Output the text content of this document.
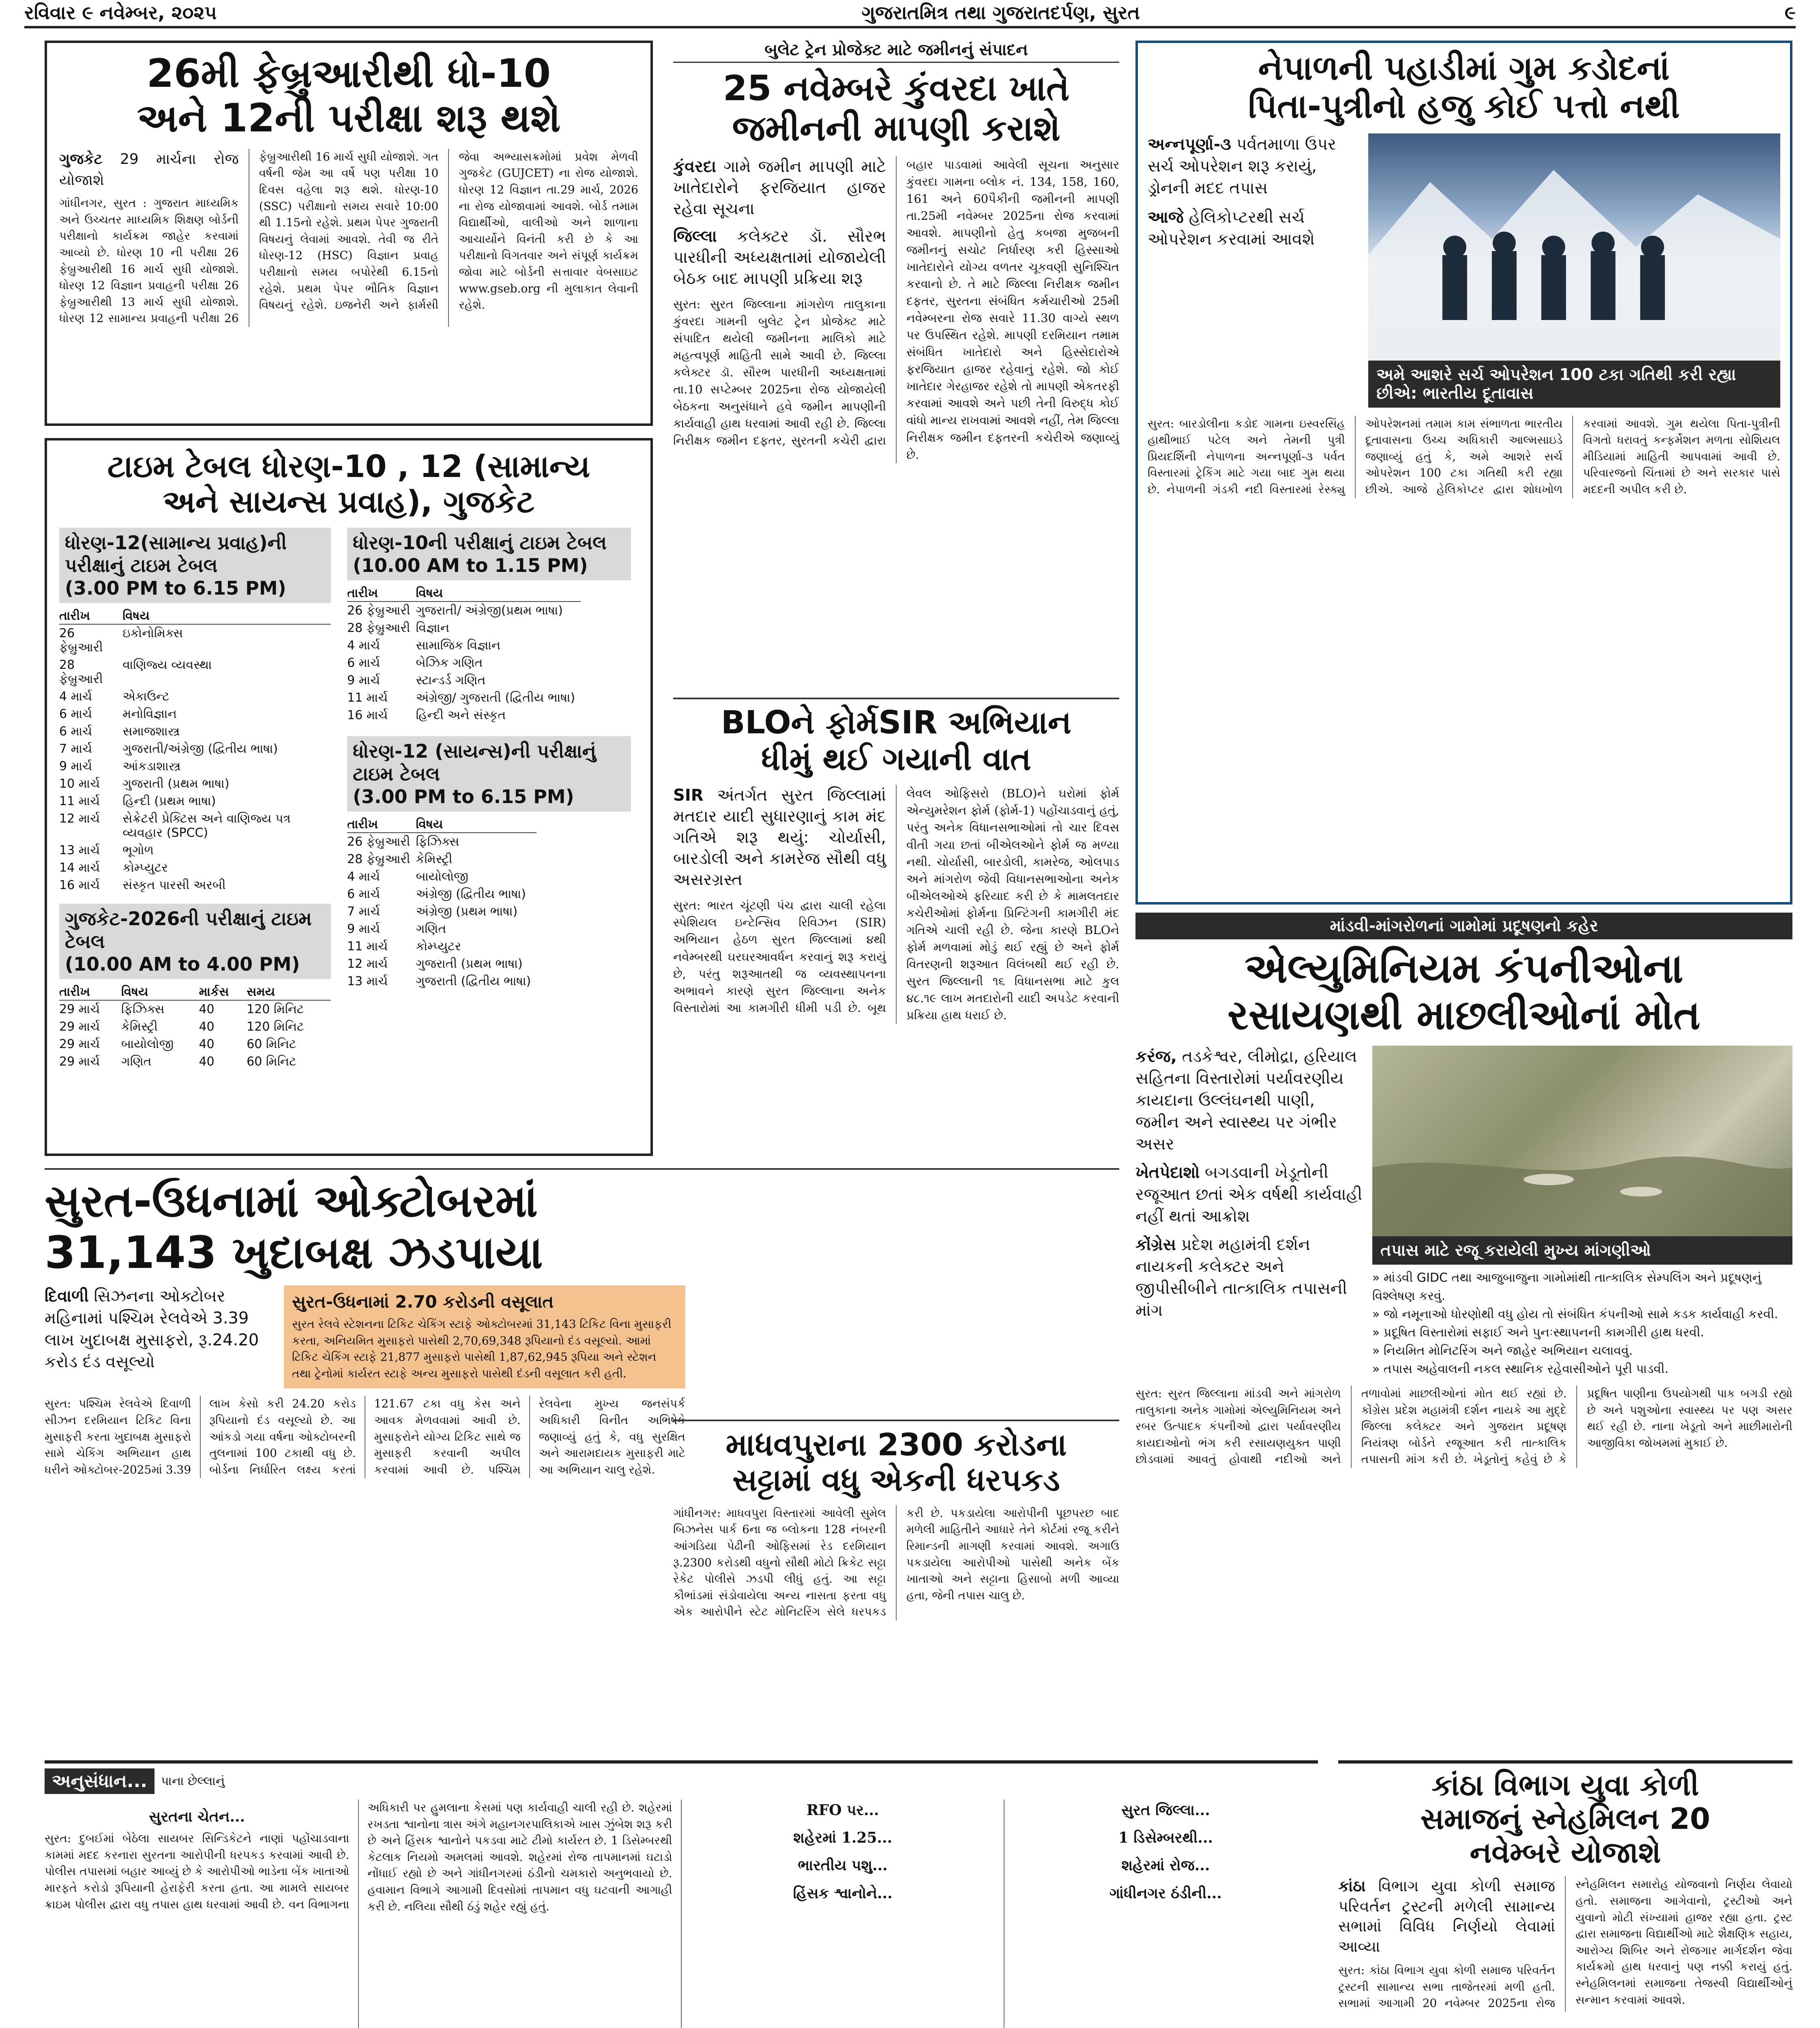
રવિવાર ૯ નવેમ્બર, ૨૦૨૫	ગુજરાતમિત્ર તથા ગુજરાતદર્પણ, સુરત	૯
26મી ફેબ્રુઆરીથી ધો-10
અને 12ની પરીક્ષા શરૂ થશે

ગુજકેટ 29 માર્ચના રોજ યોજાશે

ગાંધીનગર, સુરત : ગુજરાત માધ્યમિક અને ઉચ્ચતર માધ્યમિક શિક્ષણ બોર્ડની પરીક્ષાનો કાર્યક્રમ જાહેર કરવામાં આવ્યો છે. ધોરણ 10 ની પરીક્ષા 26 ફેબ્રુઆરીથી 16 માર્ચ સુધી યોજાશે. ધોરણ 12 વિજ્ઞાન પ્રવાહની પરીક્ષા 26 ફેબ્રુઆરીથી 13 માર્ચ સુધી યોજાશે. ધોરણ 12 સામાન્ય પ્રવાહની પરીક્ષા 26 ફેબ્રુઆરીથી 16 માર્ચ સુધી યોજાશે. ગત વર્ષની જેમ આ વર્ષે પણ પરીક્ષા 10 દિવસ વહેલા શરૂ થશે. ધોરણ-10 (SSC) પરીક્ષાનો સમય સવારે 10:00 થી 1.15નો રહેશે. પ્રથમ પેપર ગુજરાતી વિષયનું લેવામાં આવશે. તેવી જ રીતે ધોરણ-12 (HSC) વિજ્ઞાન પ્રવાહ પરીક્ષાનો સમય બપોરેથી 6.15નો રહેશે. પ્રથમ પેપર ભૌતિક વિજ્ઞાન વિષયનું રહેશે. ઇજનેરી અને ફાર્મસી જેવા અભ્યાસક્રમોમાં પ્રવેશ મેળવી ગુજકેટ (GUJCET) ના રોજ યોજાશે. ધોરણ 12 વિજ્ઞાન તા.29 માર્ચ, 2026 ના રોજ યોજાવામાં આવશે. બોર્ડ તમામ વિદ્યાર્થીઓ, વાલીઓ અને શાળાના આચાર્યોને વિનંતી કરી છે કે આ પરીક્ષાનો વિગતવાર અને સંપૂર્ણ કાર્યક્રમ જોવા માટે બોર્ડની સત્તાવાર વેબસાઇટ www.gseb.org ની મુલાકાત લેવાની રહેશે.

ટાઇમ ટેબલ ધોરણ-10 , 12 (સામાન્ય
અને સાયન્સ પ્રવાહ), ગુજકેટ
ધોરણ-12(સામાન્ય પ્રવાહ)ની પરીક્ષાનું ટાઇમ ટેબલ
(3.00 PM to 6.15 PM)
તારીખ	વિષય
26 ફેબ્રુઆરી	ઇકોનોમિક્સ
28 ફેબ્રુઆરી	વાણિજ્ય વ્યવસ્થા
4 માર્ચ	એકાઉન્ટ
6 માર્ચ	મનોવિજ્ઞાન
6 માર્ચ	સમાજશાસ્ત્ર
7 માર્ચ	ગુજરાતી/અંગ્રેજી (દ્વિતીય ભાષા)
9 માર્ચ	આંકડાશાસ્ત્ર
10 માર્ચ	ગુજરાતી (પ્રથમ ભાષા)
11 માર્ચ	હિન્દી (પ્રથમ ભાષા)
12 માર્ચ	સેક્રેટરી પ્રેક્ટિસ અને વાણિજ્ય પત્ર વ્યવહાર (SPCC)
13 માર્ચ	ભૂગોળ
14 માર્ચ	કોમ્પ્યુટર
16 માર્ચ	સંસ્કૃત પારસી અરબી
ગુજકેટ-2026ની પરીક્ષાનું ટાઇમ ટેબલ
(10.00 AM to 4.00 PM)
તારીખ	વિષય	માર્કસ	સમય
29 માર્ચ	ફિઝિક્સ	40	120 મિનિટ
29 માર્ચ	કેમિસ્ટ્રી	40	120 મિનિટ
29 માર્ચ	બાયોલોજી	40	60 મિનિટ
29 માર્ચ	ગણિત	40	60 મિનિટ
ધોરણ-10ની પરીક્ષાનું ટાઇમ ટેબલ
(10.00 AM to 1.15 PM)
તારીખ	વિષય
26 ફેબ્રુઆરી	ગુજરાતી/ અંગ્રેજી(પ્રથમ ભાષા)
28 ફેબ્રુઆરી	વિજ્ઞાન
4 માર્ચ	સામાજિક વિજ્ઞાન
6 માર્ચ	બેઝિક ગણિત
9 માર્ચ	સ્ટાન્ડર્ડ ગણિત
11 માર્ચ	અંગ્રેજી/ ગુજરાતી (દ્વિતીય ભાષા)
16 માર્ચ	હિન્દી અને સંસ્કૃત
ધોરણ-12 (સાયન્સ)ની પરીક્ષાનું ટાઇમ ટેબલ
(3.00 PM to 6.15 PM)
તારીખ	વિષય
26 ફેબ્રુઆરી	ફિઝિક્સ
28 ફેબ્રુઆરી	કેમિસ્ટ્રી
4 માર્ચ	બાયોલોજી
6 માર્ચ	અંગ્રેજી (દ્વિતીય ભાષા)
7 માર્ચ	અંગ્રેજી (પ્રથમ ભાષા)
9 માર્ચ	ગણિત
11 માર્ચ	કોમ્પ્યુટર
12 માર્ચ	ગુજરાતી (પ્રથમ ભાષા)
13 માર્ચ	ગુજરાતી (દ્વિતીય ભાષા)
બુલેટ ટ્રેન પ્રોજેક્ટ માટે જમીનનું સંપાદન
25 નવેમ્બરે કુંવરદા ખાતે
જમીનની માપણી કરાશે

કુંવરદા ગામે જમીન માપણી માટે ખાતેદારોને ફરજિયાત હાજર રહેવા સૂચના

જિલ્લા કલેક્ટર ડૉ. સૌરભ પારધીની અધ્યક્ષતામાં યોજાયેલી બેઠક બાદ માપણી પ્રક્રિયા શરૂ

સુરત: સુરત જિલ્લાના માંગરોળ તાલુકાના કુંવરદા ગામની બુલેટ ટ્રેન પ્રોજેક્ટ માટે સંપાદિત થયેલી જમીનના માલિકો માટે મહત્વપૂર્ણ માહિતી સામે આવી છે. જિલ્લા કલેક્ટર ડૉ. સૌરભ પારધીની અધ્યક્ષતામાં તા.10 સપ્ટેમ્બર 2025ના રોજ યોજાયેલી બેઠકના અનુસંધાને હવે જમીન માપણીની કાર્યવાહી હાથ ધરવામાં આવી રહી છે. જિલ્લા નિરીક્ષક જમીન દફતર, સુરતની કચેરી દ્વારા બહાર પાડવામાં આવેલી સૂચના અનુસાર કુંવરદા ગામના બ્લોક નં. 134, 158, 160, 161 અને 60પૈકીની જમીનની માપણી તા.25મી નવેમ્બર 2025ના રોજ કરવામાં આવશે. માપણીનો હેતુ કબજા મુજબની જમીનનું સચોટ નિર્ધારણ કરી હિસ્સાઓ ખાતેદારોને યોગ્ય વળતર ચૂકવણી સુનિશ્ચિત કરવાનો છે. તે માટે જિલ્લા નિરીક્ષક જમીન દફતર, સુરતના સંબંધિત કર્મચારીઓ 25મી નવેમ્બરના રોજ સવારે 11.30 વાગ્યે સ્થળ પર ઉપસ્થિત રહેશે. માપણી દરમિયાન તમામ સંબંધિત ખાતેદારો અને હિસ્સેદારોએ ફરજિયાત હાજર રહેવાનું રહેશે. જો કોઈ ખાતેદાર ગેરહાજર રહેશે તો માપણી એકતરફી કરવામાં આવશે અને પછી તેની વિરુદ્ધ કોઈ વાંધો માન્ય રાખવામાં આવશે નહીં, તેમ જિલ્લા નિરીક્ષક જમીન દફતરની કચેરીએ જણાવ્યું છે.

BLOને ફોર્મSIR અભિયાન
ધીમું થઈ ગયાની વાત

SIR અંતર્ગત સુરત જિલ્લામાં મતદાર યાદી સુધારણાનું કામ મંદ ગતિએ શરૂ થયું: ચોર્યાસી, બારડોલી અને કામરેજ સૌથી વધુ અસરગ્રસ્ત

સુરત: ભારત ચૂંટણી પંચ દ્વારા ચાલી રહેલા સ્પેશિયલ ઇન્ટેન્સિવ રિવિઝન (SIR) અભિયાન હેઠળ સુરત જિલ્લામાં ૪થી નવેમ્બરથી ઘરઘરઆવર્ધન કરવાનું શરૂ કરાયું છે, પરંતુ શરૂઆતથી જ વ્યવસ્થાપનના અભાવને કારણે સુરત જિલ્લાના અનેક વિસ્તારોમાં આ કામગીરી ધીમી પડી છે. બૂથ લેવલ ઓફિસરો (BLO)ને ઘરોમાં ફોર્મ એન્યુમરેશન ફોર્મ (ફોર્મ-1) પહોંચાડવાનું હતું, પરંતુ અનેક વિધાનસભાઓમાં તો ચાર દિવસ વીતી ગયા છતાં બીએલઓને ફોર્મ જ મળ્યા નથી. ચોર્યાસી, બારડોલી, કામરેજ, ઓલપાડ અને માંગરોળ જેવી વિધાનસભાઓના અનેક બીએલઓએ ફરિયાદ કરી છે કે મામલતદાર કચેરીઓમાં ફોર્મના પ્રિન્ટિંગની કામગીરી મંદ ગતિએ ચાલી રહી છે. જેના કારણે BLOને ફોર્મ મળવામાં મોડું થઈ રહ્યું છે અને ફોર્મ વિતરણની શરૂઆત વિલંબથી થઈ રહી છે. સુરત જિલ્લાની ૧૬ વિધાનસભા માટે કુલ ૪૮.૧૯ લાખ મતદારોની યાદી અપડેટ કરવાની પ્રક્રિયા હાથ ધરાઈ છે.

નેપાળની પહાડીમાં ગુમ કડોદનાં
પિતા-પુત્રીનો હજુ કોઈ પત્તો નથી

અન્નપૂર્ણા-૩ પર્વતમાળા ઉપર સર્ચ ઓપરેશન શરૂ કરાયું, ડ્રોનની મદદ તપાસ

આજે હેલિકોપ્ટરથી સર્ચ ઓપરેશન કરવામાં આવશે

અમે આશરે સર્ચ ઓપરેશન 100 ટકા ગતિથી કરી રહ્યા છીએ: ભારતીય દૂતાવાસ
સુરત: બારડોલીના કડોદ ગામના ઇસ્વરસિંહ હાથીભાઈ પટેલ અને તેમની પુત્રી પ્રિયદર્શિની નેપાળના અન્નપૂર્ણા-૩ પર્વત વિસ્તારમાં ટ્રેકિંગ માટે ગયા બાદ ગુમ થયા છે. નેપાળની ગંડકી નદી વિસ્તારમાં રેસ્ક્યુ ઓપરેશનમાં તમામ કામ સંભાળતા ભારતીય દૂતાવાસના ઉચ્ચ અધિકારી આલ્મસાઇડે જણાવ્યું હતું કે, અમે આશરે સર્ચ ઓપરેશન 100 ટકા ગતિથી કરી રહ્યા છીએ. આજે હેલિકોપ્ટર દ્વારા શોધખોળ કરવામાં આવશે. ગુમ થયેલા પિતા-પુત્રીની વિગતો ધરાવતું કન્ફર્મેશન મળતા સોશિયલ મીડિયામાં માહિતી આપવામાં આવી છે. પરિવારજનો ચિંતામાં છે અને સરકાર પાસે મદદની અપીલ કરી છે.
માંડવી-માંગરોળનાં ગામોમાં પ્રદૂષણનો કહેર
એલ્યુમિનિયમ કંપનીઓના
રસાયણથી માછલીઓનાં મોત

કરંજ, તડકેશ્વર, લીમોદ્રા, હરિયાલ સહિતના વિસ્તારોમાં પર્યાવરણીય કાયદાના ઉલ્લંઘનથી પાણી, જમીન અને સ્વાસ્થ્ય પર ગંભીર અસર

ખેતપેદાશો બગડવાની ખેડૂતોની રજૂઆત છતાં એક વર્ષથી કાર્યવાહી નહીં થતાં આક્રોશ

કોંગ્રેસ પ્રદેશ મહામંત્રી દર્શન નાયકની કલેક્ટર અને જીપીસીબીને તાત્કાલિક તપાસની માંગ

તપાસ માટે રજૂ કરાયેલી મુખ્ય માંગણીઓ
» માંડવી GIDC તથા આજુબાજુના ગામોમાંથી તાત્કાલિક સેમ્પલિંગ અને પ્રદૂષણનું વિશ્લેષણ કરવું.
» જો નમૂનાઓ ધોરણોથી વધુ હોય તો સંબંધિત કંપનીઓ સામે કડક કાર્યવાહી કરવી.
» પ્રદૂષિત વિસ્તારોમાં સફાઈ અને પુનઃસ્થાપનની કામગીરી હાથ ધરવી.
» નિયમિત મોનિટરિંગ અને જાહેર અભિયાન ચલાવવું.
» તપાસ અહેવાલની નકલ સ્થાનિક રહેવાસીઓને પૂરી પાડવી.
સુરત: સુરત જિલ્લાના માંડવી અને માંગરોળ તાલુકાના અનેક ગામોમાં એલ્યુમિનિયમ અને રબર ઉત્પાદક કંપનીઓ દ્વારા પર્યાવરણીય કાયદાઓનો ભંગ કરી રસાયણયુક્ત પાણી છોડવામાં આવતું હોવાથી નદીઓ અને તળાવોમાં માછલીઓનાં મોત થઈ રહ્યાં છે. કોંગ્રેસ પ્રદેશ મહામંત્રી દર્શન નાયકે આ મુદ્દે જિલ્લા કલેક્ટર અને ગુજરાત પ્રદૂષણ નિયંત્રણ બોર્ડને રજૂઆત કરી તાત્કાલિક તપાસની માંગ કરી છે. ખેડૂતોનું કહેવું છે કે પ્રદૂષિત પાણીના ઉપયોગથી પાક બગડી રહ્યો છે અને પશુઓના સ્વાસ્થ્ય પર પણ અસર થઈ રહી છે. નાના ખેડૂતો અને માછીમારોની આજીવિકા જોખમમાં મુકાઈ છે.
સુરત-ઉધનામાં ઓક્ટોબરમાં
31,143 ખુદાબક્ષ ઝડપાયા

દિવાળી સિઝનના ઓક્ટોબર મહિનામાં પશ્ચિમ રેલવેએ 3.39 લાખ ખુદાબક્ષ મુસાફરો, રૂ.24.20 કરોડ દંડ વસૂલ્યો

સુરત-ઉધનામાં 2.70 કરોડની વસૂલાત
સુરત રેલવે સ્ટેશનના ટિકિટ ચેકિંગ સ્ટાફે ઓક્ટોબરમાં 31,143 ટિકિટ વિના મુસાફરી કરતા, અનિયમિત મુસાફરો પાસેથી 2,70,69,348 રૂપિયાનો દંડ વસૂલ્યો. આમાં ટિકિટ ચેકિંગ સ્ટાફે 21,877 મુસાફરો પાસેથી 1,87,62,945 રૂપિયા અને સ્ટેશન તથા ટ્રેનોમાં કાર્યરત સ્ટાફે અન્ય મુસાફરો પાસેથી દંડની વસૂલાત કરી હતી.
સુરત: પશ્ચિમ રેલવેએ દિવાળી સીઝન દરમિયાન ટિકિટ વિના મુસાફરી કરતા ખુદાબક્ષ મુસાફરો સામે ચેકિંગ અભિયાન હાથ ધરીને ઓક્ટોબર-2025માં 3.39 લાખ કેસો કરી 24.20 કરોડ રૂપિયાનો દંડ વસૂલ્યો છે. આ આંકડો ગયા વર્ષના ઓક્ટોબરની તુલનામાં 100 ટકાથી વધુ છે. બોર્ડના નિર્ધારિત લક્ષ્ય કરતાં 121.67 ટકા વધુ કેસ અને આવક મેળવવામાં આવી છે. મુસાફરોને યોગ્ય ટિકિટ સાથે જ મુસાફરી કરવાની અપીલ કરવામાં આવી છે. પશ્ચિમ રેલવેના મુખ્ય જનસંપર્ક અધિકારી વિનીત અભિષેકે જણાવ્યું હતું કે, વધુ સુરક્ષિત અને આરામદાયક મુસાફરી માટે આ અભિયાન ચાલુ રહેશે.
માધવપુરાના 2300 કરોડના
સટ્ટામાં વધુ એકની ધરપકડ
ગાંધીનગર: માધવપુરા વિસ્તારમાં આવેલી સુમેલ બિઝનેસ પાર્ક 6ના જ બ્લોકના 128 નંબરની આંગડિયા પેઢીની ઓફિસમાં રેડ દરમિયાન રૂ.2300 કરોડથી વધુનો સૌથી મોટો ક્રિકેટ સટ્ટા રેકેટ પોલીસે ઝડપી લીધું હતું. આ સટ્ટા કૌભાંડમાં સંડોવાયેલા અન્ય નાસતા ફરતા વધુ એક આરોપીને સ્ટેટ મોનિટરિંગ સેલે ધરપકડ કરી છે. પકડાયેલા આરોપીની પૂછપરછ બાદ મળેલી માહિતીને આધારે તેને કોર્ટમાં રજૂ કરીને રિમાન્ડની માગણી કરવામાં આવશે. અગાઉ પકડાયેલા આરોપીઓ પાસેથી અનેક બેંક ખાતાઓ અને સટ્ટાના હિસાબો મળી આવ્યા હતા, જેની તપાસ ચાલુ છે.
અનુસંધાન...	પાના છેલ્લાનું
સુરતના ચેતન...

સુરત: દુબઈમાં બેઠેલા સાયબર સિન્ડિકેટને નાણાં પહોંચાડવાના કામમાં મદદ કરનારા સુરતના આરોપીની ધરપકડ કરવામાં આવી છે. પોલીસ તપાસમાં બહાર આવ્યું છે કે આરોપીઓ ભાડેના બેંક ખાતાઓ મારફતે કરોડો રૂપિયાની હેરાફેરી કરતા હતા. આ મામલે સાયબર ક્રાઇમ પોલીસ દ્વારા વધુ તપાસ હાથ ધરવામાં આવી છે. વન વિભાગના અધિકારી પર હુમલાના કેસમાં પણ કાર્યવાહી ચાલી રહી છે. શહેરમાં રખડતા શ્વાનોના ત્રાસ અંગે મહાનગરપાલિકાએ ખાસ ઝુંબેશ શરૂ કરી છે અને હિંસક શ્વાનોને પકડવા માટે ટીમો કાર્યરત છે. 1 ડિસેમ્બરથી કેટલાક નિયમો અમલમાં આવશે. શહેરમાં રોજ તાપમાનમાં ઘટાડો નોંધાઈ રહ્યો છે અને ગાંધીનગરમાં ઠંડીનો ચમકારો અનુભવાયો છે. હવામાન વિભાગે આગામી દિવસોમાં તાપમાન વધુ ઘટવાની આગાહી કરી છે. નલિયા સૌથી ઠંડું શહેર રહ્યું હતું.

RFO પર...
શહેરમાં 1.25...
ભારતીય પશુ...
હિંસક શ્વાનોને...
સુરત જિલ્લા...
1 ડિસેમ્બરથી...
શહેરમાં રોજ...
ગાંધીનગર ઠંડીની...
કાંઠા વિભાગ યુવા કોળી
સમાજનું સ્નેહમિલન 20
નવેમ્બરે યોજાશે

કાંઠા વિભાગ યુવા કોળી સમાજ પરિવર્તન ટ્રસ્ટની મળેલી સામાન્ય સભામાં વિવિધ નિર્ણયો લેવામાં આવ્યા

સુરત: કાંઠા વિભાગ યુવા કોળી સમાજ પરિવર્તન ટ્રસ્ટની સામાન્ય સભા તાજેતરમાં મળી હતી. સભામાં આગામી 20 નવેમ્બર 2025ના રોજ સ્નેહમિલન સમારોહ યોજવાનો નિર્ણય લેવાયો હતો. સમાજના આગેવાનો, ટ્રસ્ટીઓ અને યુવાનો મોટી સંખ્યામાં હાજર રહ્યા હતા. ટ્રસ્ટ દ્વારા સમાજના વિદ્યાર્થીઓ માટે શૈક્ષણિક સહાય, આરોગ્ય શિબિર અને રોજગાર માર્ગદર્શન જેવા કાર્યક્રમો હાથ ધરવાનું પણ નક્કી કરાયું હતું. સ્નેહમિલનમાં સમાજના તેજસ્વી વિદ્યાર્થીઓનું સન્માન કરવામાં આવશે.
